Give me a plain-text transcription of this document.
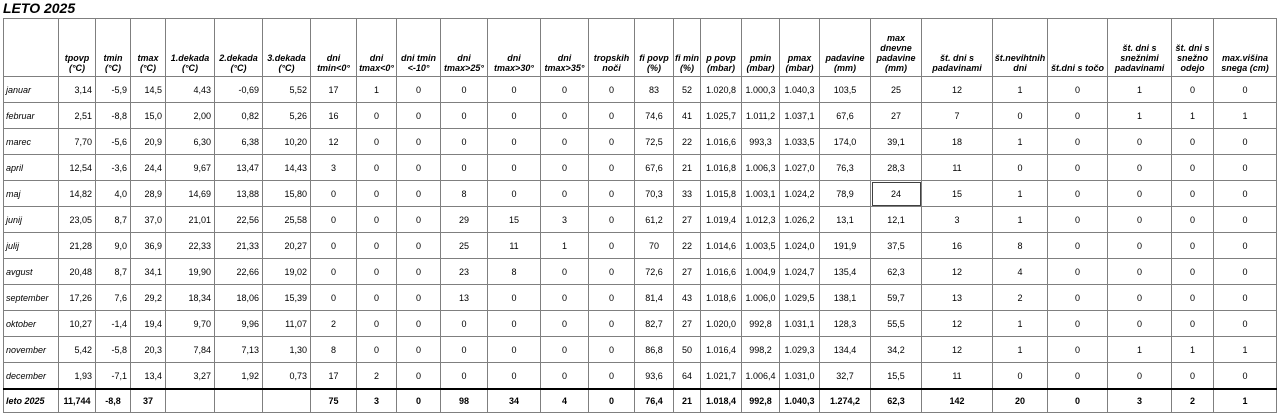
LETO 2025
	tpovp (°C)	tmin (°C)	tmax (°C)	1.dekada (°C)	2.dekada (°C)	3.dekada (°C)	dni tmin<0°	dni tmax<0°	dni tmin <-10°	dni tmax>25°	dni tmax>30°	dni tmax>35°	tropskih noči	fi povp (%)	fi min (%)	p povp (mbar)	pmin (mbar)	pmax (mbar)	padavine (mm)	max dnevne padavine (mm)	št. dni s padavinami	št.nevihtnih dni	št.dni s točo	št. dni s snežnimi padavinami	št. dni s snežno odejo	max.višina snega (cm)
januar	3,14	-5,9	14,5	4,43	-0,69	5,52	17	1	0	0	0	0	0	83	52	1.020,8	1.000,3	1.040,3	103,5	25	12	1	0	1	0	0
februar	2,51	-8,8	15,0	2,00	0,82	5,26	16	0	0	0	0	0	0	74,6	41	1.025,7	1.011,2	1.037,1	67,6	27	7	0	0	1	1	1
marec	7,70	-5,6	20,9	6,30	6,38	10,20	12	0	0	0	0	0	0	72,5	22	1.016,6	993,3	1.033,5	174,0	39,1	18	1	0	0	0	0
april	12,54	-3,6	24,4	9,67	13,47	14,43	3	0	0	0	0	0	0	67,6	21	1.016,8	1.006,3	1.027,0	76,3	28,3	11	0	0	0	0	0
maj	14,82	4,0	28,9	14,69	13,88	15,80	0	0	0	8	0	0	0	70,3	33	1.015,8	1.003,1	1.024,2	78,9	24	15	1	0	0	0	0
junij	23,05	8,7	37,0	21,01	22,56	25,58	0	0	0	29	15	3	0	61,2	27	1.019,4	1.012,3	1.026,2	13,1	12,1	3	1	0	0	0	0
julij	21,28	9,0	36,9	22,33	21,33	20,27	0	0	0	25	11	1	0	70	22	1.014,6	1.003,5	1.024,0	191,9	37,5	16	8	0	0	0	0
avgust	20,48	8,7	34,1	19,90	22,66	19,02	0	0	0	23	8	0	0	72,6	27	1.016,6	1.004,9	1.024,7	135,4	62,3	12	4	0	0	0	0
september	17,26	7,6	29,2	18,34	18,06	15,39	0	0	0	13	0	0	0	81,4	43	1.018,6	1.006,0	1.029,5	138,1	59,7	13	2	0	0	0	0
oktober	10,27	-1,4	19,4	9,70	9,96	11,07	2	0	0	0	0	0	0	82,7	27	1.020,0	992,8	1.031,1	128,3	55,5	12	1	0	0	0	0
november	5,42	-5,8	20,3	7,84	7,13	1,30	8	0	0	0	0	0	0	86,8	50	1.016,4	998,2	1.029,3	134,4	34,2	12	1	0	1	1	1
december	1,93	-7,1	13,4	3,27	1,92	0,73	17	2	0	0	0	0	0	93,6	64	1.021,7	1.006,4	1.031,0	32,7	15,5	11	0	0	0	0	0
leto 2025	11,744	-8,8	37				75	3	0	98	34	4	0	76,4	21	1.018,4	992,8	1.040,3	1.274,2	62,3	142	20	0	3	2	1
